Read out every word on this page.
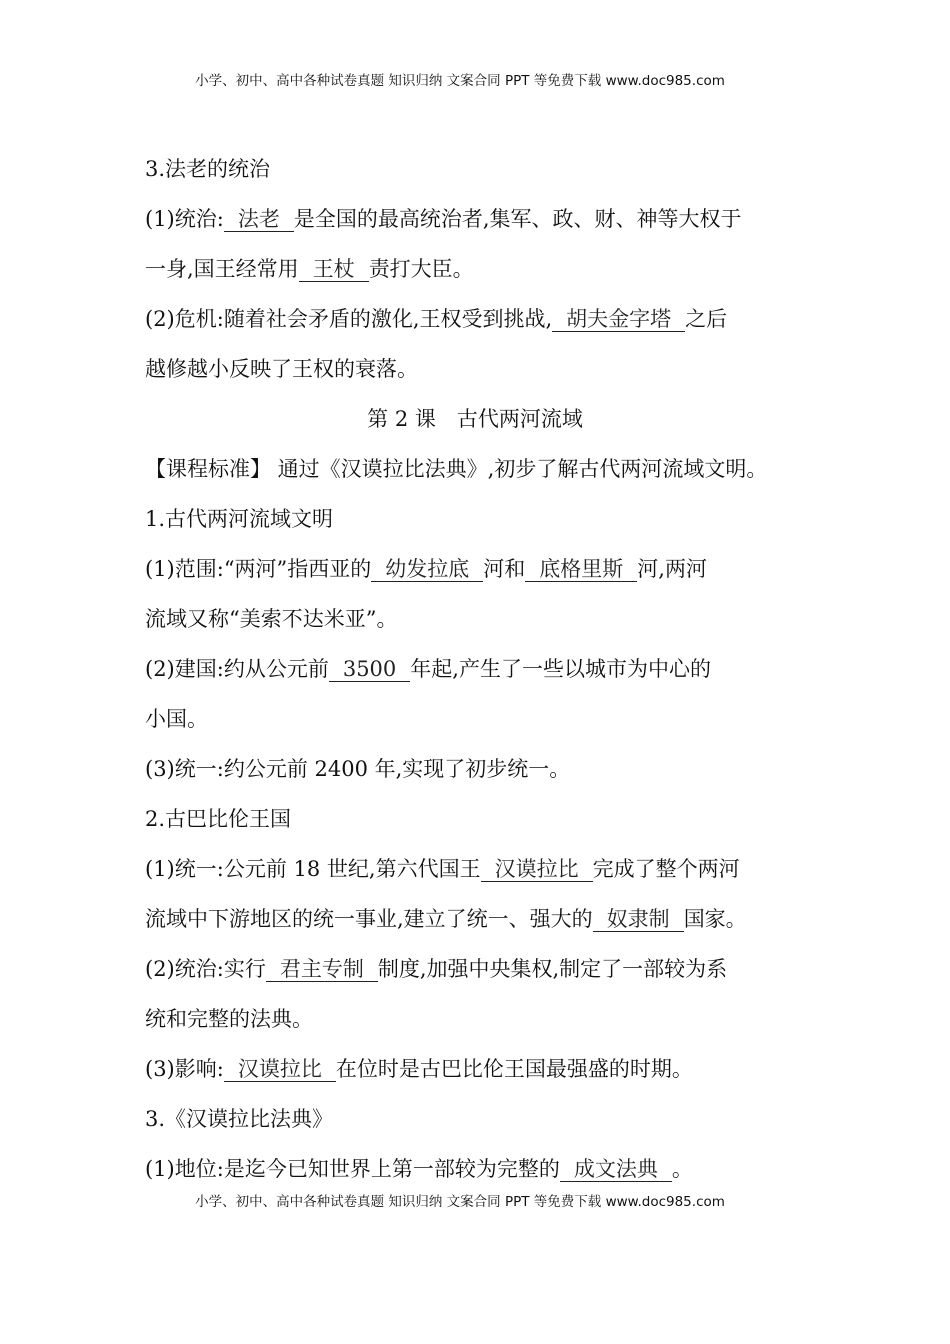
小学、初中、高中各种试卷真题 知识归纳 文案合同 PPT 等免费下载 www.doc985.com
3.法老的统治
(1)统治: 法老 是全国的最高统治者,集军、政、财、神等大权于
一身,国王经常用 王杖 责打大臣。
(2)危机:随着社会矛盾的激化,王权受到挑战, 胡夫金字塔 之后
越修越小反映了王权的衰落。
第 2 课　古代两河流域
【课程标准】 通过《汉谟拉比法典》,初步了解古代两河流域文明。
1.古代两河流域文明
(1)范围:“两河”指西亚的 幼发拉底 河和 底格里斯 河,两河
流域又称“美索不达米亚”。
(2)建国:约从公元前 3500 年起,产生了一些以城市为中心的
小国。
(3)统一:约公元前 2400 年,实现了初步统一。
2.古巴比伦王国
(1)统一:公元前 18 世纪,第六代国王 汉谟拉比 完成了整个两河
流域中下游地区的统一事业,建立了统一、强大的 奴隶制 国家。
(2)统治:实行 君主专制 制度,加强中央集权,制定了一部较为系
统和完整的法典。
(3)影响: 汉谟拉比 在位时是古巴比伦王国最强盛的时期。
3.《汉谟拉比法典》
(1)地位:是迄今已知世界上第一部较为完整的 成文法典 。
小学、初中、高中各种试卷真题 知识归纳 文案合同 PPT 等免费下载 www.doc985.com
